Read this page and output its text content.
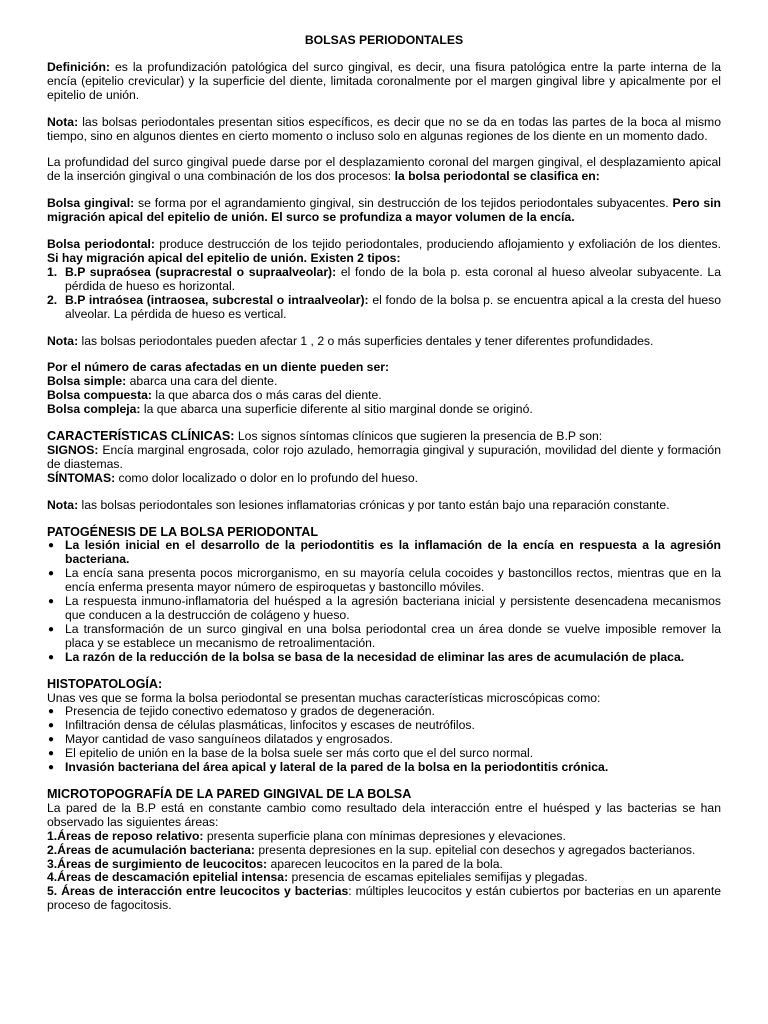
BOLSAS PERIODONTALES

Definición: es la profundización patológica del surco gingival, es decir, una fisura patológica entre la parte interna de la encía (epitelio crevicular) y la superficie del diente, limitada coronalmente por el margen gingival libre y apicalmente por el epitelio de unión.

Nota: las bolsas periodontales presentan sitios específicos, es decir que no se da en todas las partes de la boca al mismo tiempo, sino en algunos dientes en cierto momento o incluso solo en algunas regiones de los diente en un momento dado.

La profundidad del surco gingival puede darse por el desplazamiento coronal del margen gingival, el desplazamiento apical de la inserción gingival o una combinación de los dos procesos: la bolsa periodontal se clasifica en:

Bolsa gingival: se forma por el agrandamiento gingival, sin destrucción de los tejidos periodontales subyacentes. Pero sin migración apical del epitelio de unión. El surco se profundiza a mayor volumen de la encía.

Bolsa periodontal: produce destrucción de los tejido periodontales, produciendo aflojamiento y exfoliación de los dientes. Si hay migración apical del epitelio de unión. Existen 2 tipos:

1. B.P supraósea (supracrestal o supraalveolar): el fondo de la bola p. esta coronal al hueso alveolar subyacente. La pérdida de hueso es horizontal.
2. B.P intraósea (intraosea, subcrestal o intraalveolar): el fondo de la bolsa p. se encuentra apical a la cresta del hueso alveolar. La pérdida de hueso es vertical.

Nota: las bolsas periodontales pueden afectar 1 , 2 o más superficies dentales y tener diferentes profundidades.

Por el número de caras afectadas en un diente pueden ser:

Bolsa simple: abarca una cara del diente.

Bolsa compuesta: la que abarca dos o más caras del diente.

Bolsa compleja: la que abarca una superficie diferente al sitio marginal donde se originó.

CARACTERÍSTICAS CLÍNICAS: Los signos síntomas clínicos que sugieren la presencia de B.P son:

SIGNOS: Encía marginal engrosada, color rojo azulado, hemorragia gingival y supuración, movilidad del diente y formación de diastemas.

SÍNTOMAS: como dolor localizado o dolor en lo profundo del hueso.

Nota: las bolsas periodontales son lesiones inflamatorias crónicas y por tanto están bajo una reparación constante.

PATOGÉNESIS DE LA BOLSA PERIODONTAL

● La lesión inicial en el desarrollo de la periodontitis es la inflamación de la encía en respuesta a la agresión bacteriana.
● La encía sana presenta pocos microrganismo, en su mayoría celula cocoides y bastoncillos rectos, mientras que en la encía enferma presenta mayor número de espiroquetas y bastoncillo móviles.
● La respuesta inmuno-inflamatoria del huésped a la agresión bacteriana inicial y persistente desencadena mecanismos que conducen a la destrucción de colágeno y hueso.
● La transformación de un surco gingival en una bolsa periodontal crea un área donde se vuelve imposible remover la placa y se establece un mecanismo de retroalimentación.
● La razón de la reducción de la bolsa se basa de la necesidad de eliminar las ares de acumulación de placa.

HISTOPATOLOGÍA:

Unas ves que se forma la bolsa periodontal se presentan muchas características microscópicas como:

● Presencia de tejido conectivo edematoso y grados de degeneración.
● Infiltración densa de células plasmáticas, linfocitos y escases de neutrófilos.
● Mayor cantidad de vaso sanguíneos dilatados y engrosados.
● El epitelio de unión en la base de la bolsa suele ser más corto que el del surco normal.
● Invasión bacteriana del área apical y lateral de la pared de la bolsa en la periodontitis crónica.

MICROTOPOGRAFÍA DE LA PARED GINGIVAL DE LA BOLSA

La pared de la B.P está en constante cambio como resultado dela interacción entre el huésped y las bacterias se han observado las siguientes áreas:

1.Áreas de reposo relativo: presenta superficie plana con mínimas depresiones y elevaciones.

2.Áreas de acumulación bacteriana: presenta depresiones en la sup. epitelial con desechos y agregados bacterianos.

3.Áreas de surgimiento de leucocitos: aparecen leucocitos en la pared de la bola.

4.Áreas de descamación epitelial intensa: presencia de escamas epiteliales semifijas y plegadas.

5. Áreas de interacción entre leucocitos y bacterias: múltiples leucocitos y están cubiertos por bacterias en un aparente proceso de fagocitosis.
